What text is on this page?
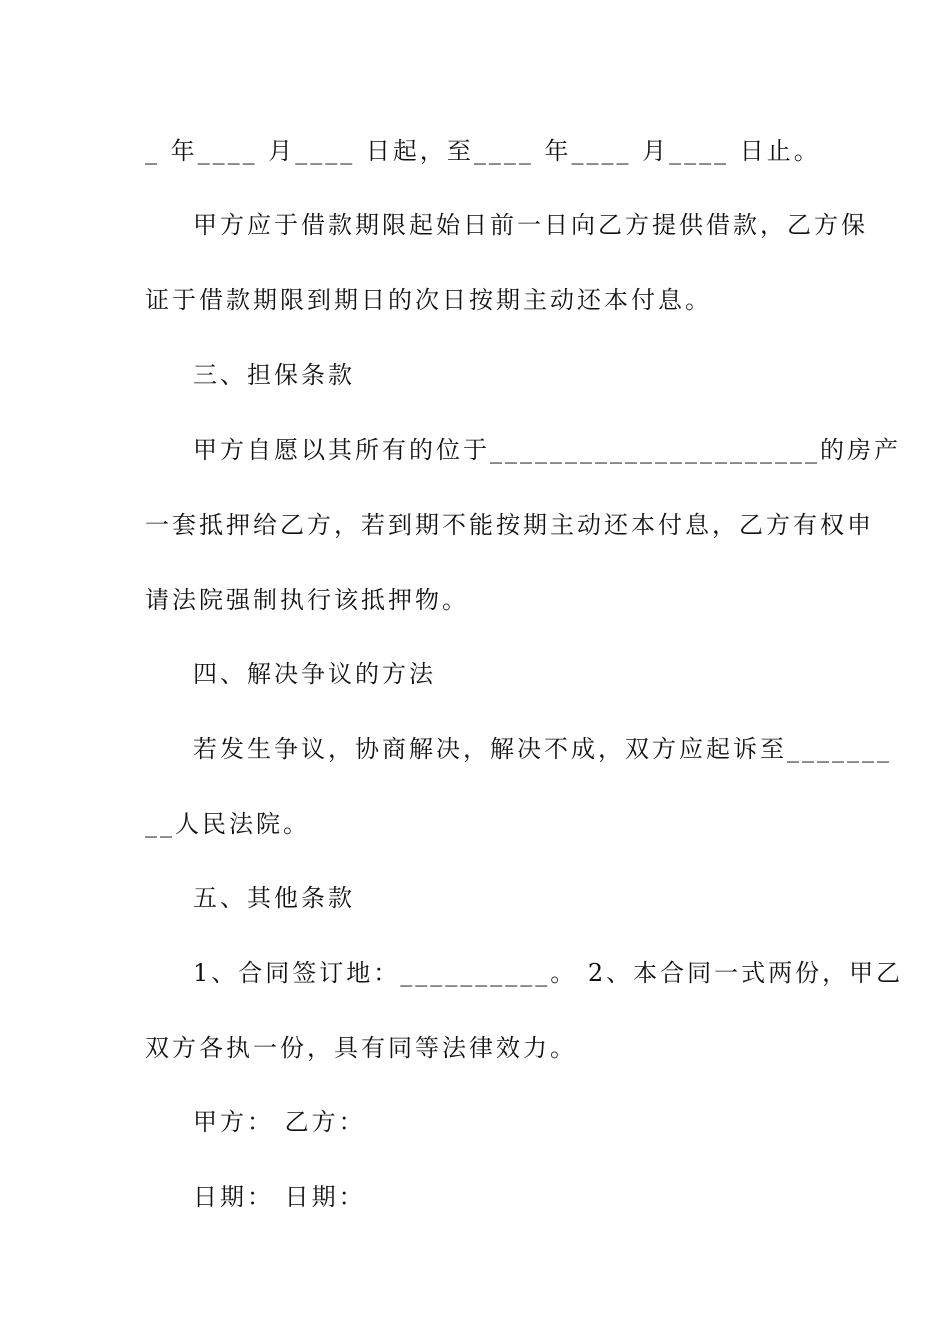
_ 年____ 月____ 日起，至____ 年____ 月____ 日止。
甲方应于借款期限起始日前一日向乙方提供借款，乙方保
证于借款期限到期日的次日按期主动还本付息。
三、担保条款
甲方自愿以其所有的位于______________________的房产
一套抵押给乙方，若到期不能按期主动还本付息，乙方有权申
请法院强制执行该抵押物。
四、解决争议的方法
若发生争议，协商解决，解决不成，双方应起诉至_______
__人民法院。
五、其他条款
1、合同签订地：__________。 2、本合同一式两份，甲乙
双方各执一份，具有同等法律效力。
甲方： 乙方：
日期： 日期：
